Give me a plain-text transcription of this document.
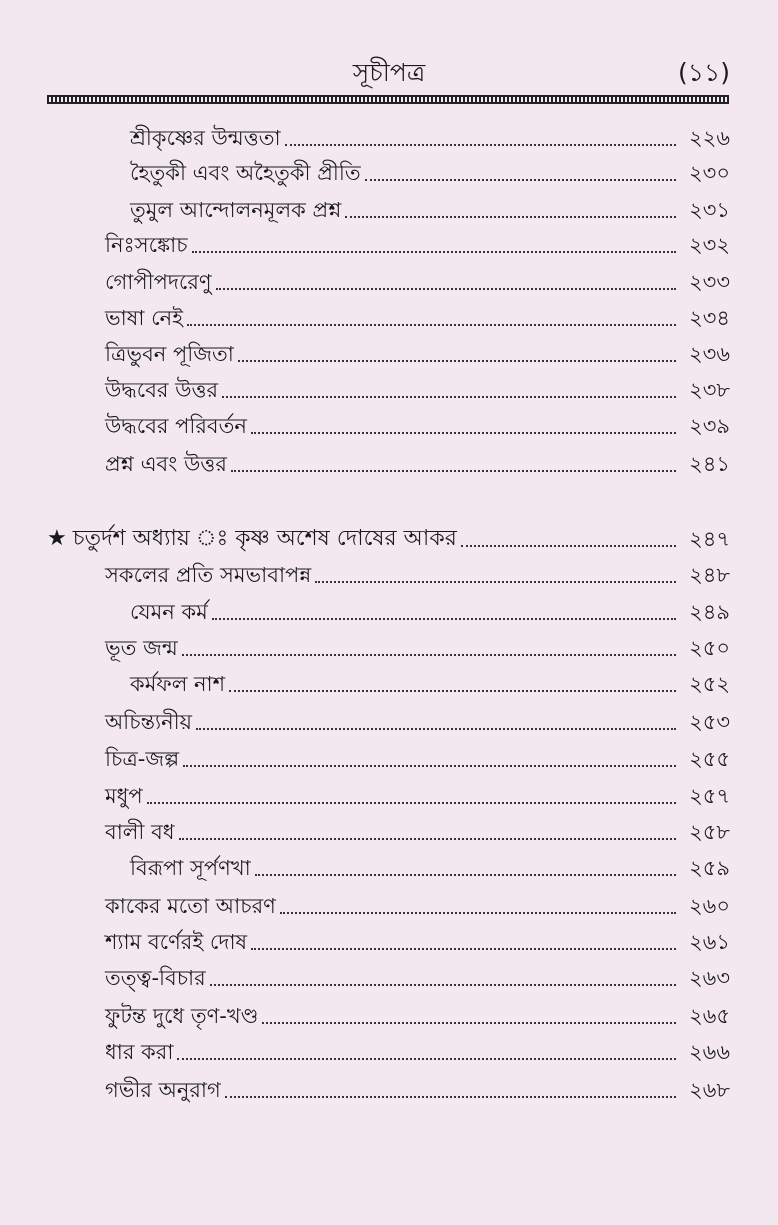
সূচীপত্র	(১১)
শ্রীকৃষ্ণের উন্মত্ততা	২২৬
হৈতুকী এবং অহৈতুকী প্রীতি	২৩০
তুমুল আন্দোলনমূলক প্রশ্ন	২৩১
নিঃসঙ্কোচ	২৩২
গোপীপদরেণু	২৩৩
ভাষা নেই	২৩৪
ত্রিভুবন পূজিতা	২৩৬
উদ্ধবের উত্তর	২৩৮
উদ্ধবের পরিবর্তন	২৩৯
প্রশ্ন এবং উত্তর	২৪১
★ চতুর্দশ অধ্যায় ঃ কৃষ্ণ অশেষ দোষের আকর	২৪৭
সকলের প্রতি সমভাবাপন্ন	২৪৮
যেমন কর্ম	২৪৯
ভূত জন্ম	২৫০
কর্মফল নাশ	২৫২
অচিন্ত্যনীয়	২৫৩
চিত্র-জল্প	২৫৫
মধুপ	২৫৭
বালী বধ	২৫৮
বিরূপা সূর্পণখা	২৫৯
কাকের মতো আচরণ	২৬০
শ্যাম বর্ণেরই দোষ	২৬১
তত্ত্ব-বিচার	২৬৩
ফুটন্ত দুধে তৃণ-খণ্ড	২৬৫
ধার করা	২৬৬
গভীর অনুরাগ	২৬৮
